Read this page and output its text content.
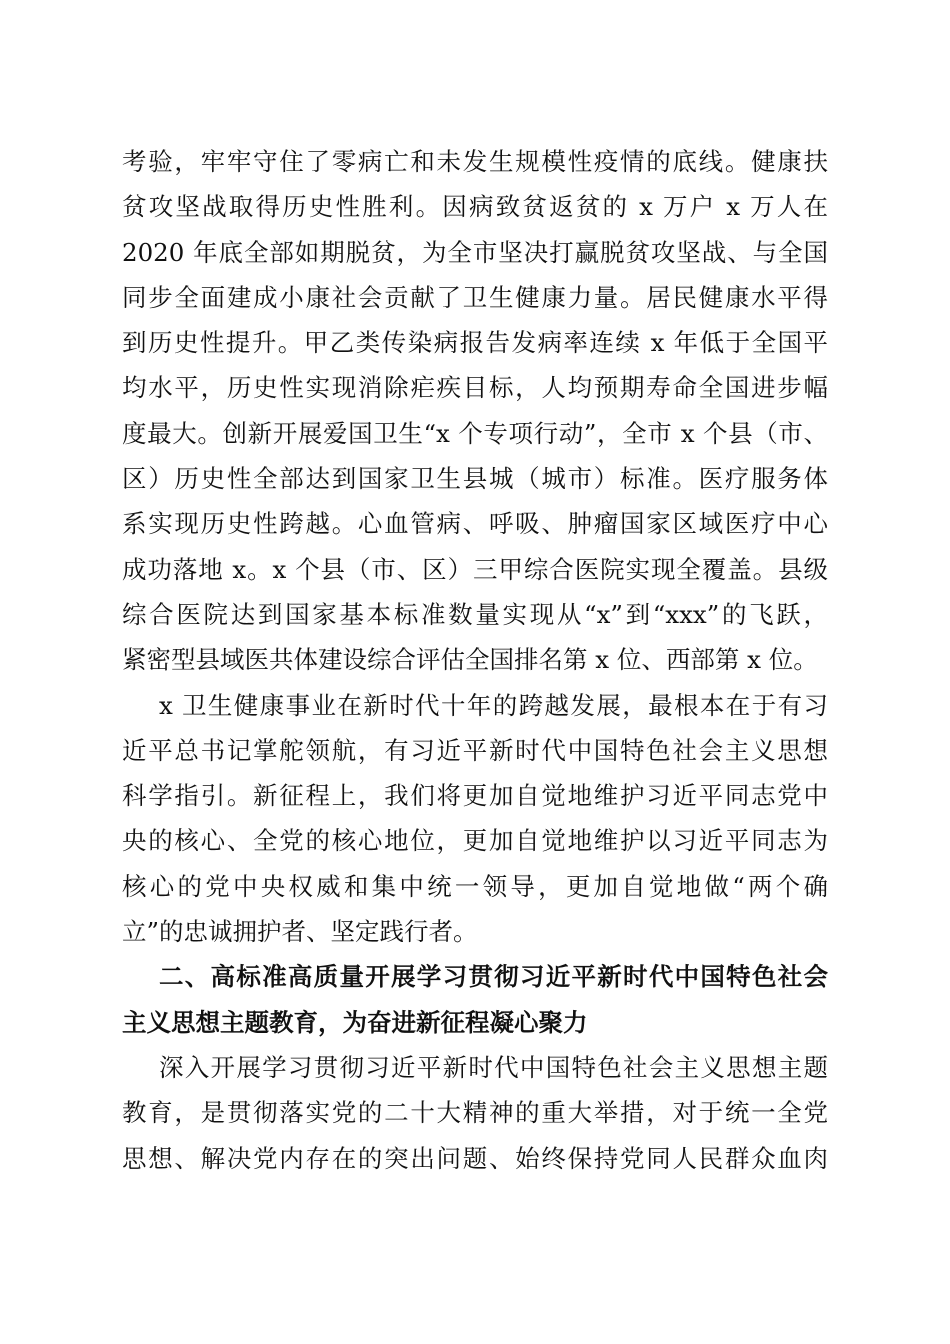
考验，牢牢守住了零病亡和未发生规模性疫情的底线。健康扶
贫攻坚战取得历史性胜利。因病致贫返贫的 x 万户 x 万人在
2020 年底全部如期脱贫，为全市坚决打赢脱贫攻坚战、与全国
同步全面建成小康社会贡献了卫生健康力量。居民健康水平得
到历史性提升。甲乙类传染病报告发病率连续 x 年低于全国平
均水平，历史性实现消除疟疾目标，人均预期寿命全国进步幅
度最大。创新开展爱国卫生“x 个专项行动”，全市 x 个县（市、
区）历史性全部达到国家卫生县城（城市）标准。医疗服务体
系实现历史性跨越。心血管病、呼吸、肿瘤国家区域医疗中心
成功落地 x。x 个县（市、区）三甲综合医院实现全覆盖。县级
综合医院达到国家基本标准数量实现从“x”到“xxx”的飞跃，
紧密型县域医共体建设综合评估全国排名第 x 位、西部第 x 位。
x 卫生健康事业在新时代十年的跨越发展，最根本在于有习
近平总书记掌舵领航，有习近平新时代中国特色社会主义思想
科学指引。新征程上，我们将更加自觉地维护习近平同志党中
央的核心、全党的核心地位，更加自觉地维护以习近平同志为
核心的党中央权威和集中统一领导，更加自觉地做“两个确
立”的忠诚拥护者、坚定践行者。
二、高标准高质量开展学习贯彻习近平新时代中国特色社会
主义思想主题教育，为奋进新征程凝心聚力
深入开展学习贯彻习近平新时代中国特色社会主义思想主题
教育，是贯彻落实党的二十大精神的重大举措，对于统一全党
思想、解决党内存在的突出问题、始终保持党同人民群众血肉
